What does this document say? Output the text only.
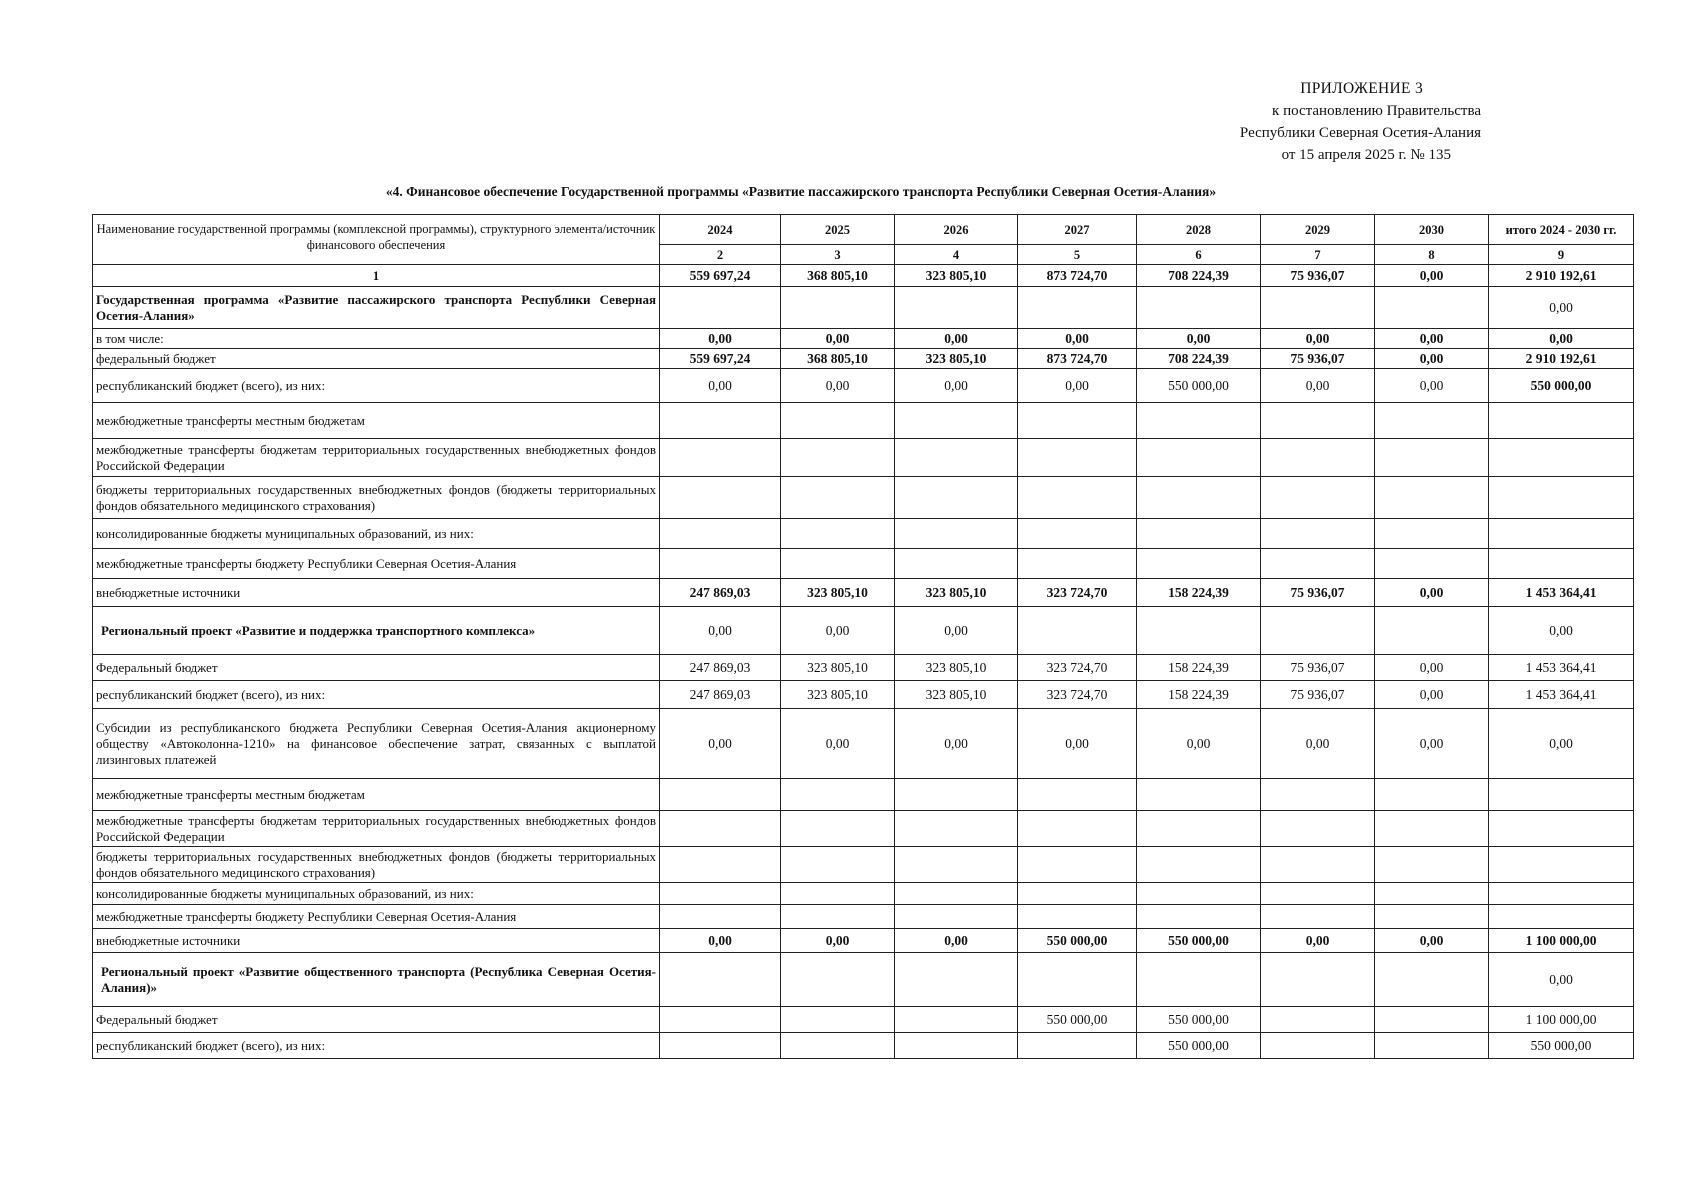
ПРИЛОЖЕНИЕ 3
к постановлению Правительства
Республики Северная Осетия-Алания
от 15 апреля 2025 г. № 135
«4. Финансовое обеспечение Государственной программы «Развитие пассажирского транспорта Республики Северная Осетия-Алания»
Наименование государственной программы (комплексной программы), структурного элемента/источник финансового обеспечения	2024	2025	2026	2027	2028	2029	2030	итого 2024 - 2030 гг.
	2	3	4	5	6	7	8	9
1	559 697,24	368 805,10	323 805,10	873 724,70	708 224,39	75 936,07	0,00	2 910 192,61
Государственная программа «Развитие пассажирского транспорта Республики Северная Осетия-Алания»								0,00
в том числе:	0,00	0,00	0,00	0,00	0,00	0,00	0,00	0,00
федеральный бюджет	559 697,24	368 805,10	323 805,10	873 724,70	708 224,39	75 936,07	0,00	2 910 192,61
республиканский бюджет (всего), из них:	0,00	0,00	0,00	0,00	550 000,00	0,00	0,00	550 000,00
межбюджетные трансферты местным бюджетам								
межбюджетные трансферты бюджетам территориальных государственных внебюджетных фондов Российской Федерации								
бюджеты территориальных государственных внебюджетных фондов (бюджеты территориальных фондов обязательного медицинского страхования)								
консолидированные бюджеты муниципальных образований, из них:								
межбюджетные трансферты бюджету Республики Северная Осетия-Алания								
внебюджетные источники	247 869,03	323 805,10	323 805,10	323 724,70	158 224,39	75 936,07	0,00	1 453 364,41
Региональный проект «Развитие и поддержка транспортного комплекса»	0,00	0,00	0,00					0,00
Федеральный бюджет	247 869,03	323 805,10	323 805,10	323 724,70	158 224,39	75 936,07	0,00	1 453 364,41
республиканский бюджет (всего), из них:	247 869,03	323 805,10	323 805,10	323 724,70	158 224,39	75 936,07	0,00	1 453 364,41
Субсидии из республиканского бюджета Республики Северная Осетия-Алания акционерному обществу «Автоколонна-1210» на финансовое обеспечение затрат, связанных с выплатой лизинговых платежей	0,00	0,00	0,00	0,00	0,00	0,00	0,00	0,00
межбюджетные трансферты местным бюджетам								
межбюджетные трансферты бюджетам территориальных государственных внебюджетных фондов Российской Федерации								
бюджеты территориальных государственных внебюджетных фондов (бюджеты территориальных фондов обязательного медицинского страхования)								
консолидированные бюджеты муниципальных образований, из них:								
межбюджетные трансферты бюджету Республики Северная Осетия-Алания								
внебюджетные источники	0,00	0,00	0,00	550 000,00	550 000,00	0,00	0,00	1 100 000,00
Региональный проект «Развитие общественного транспорта (Республика Северная Осетия-Алания)»								0,00
Федеральный бюджет				550 000,00	550 000,00			1 100 000,00
республиканский бюджет (всего), из них:					550 000,00			550 000,00
